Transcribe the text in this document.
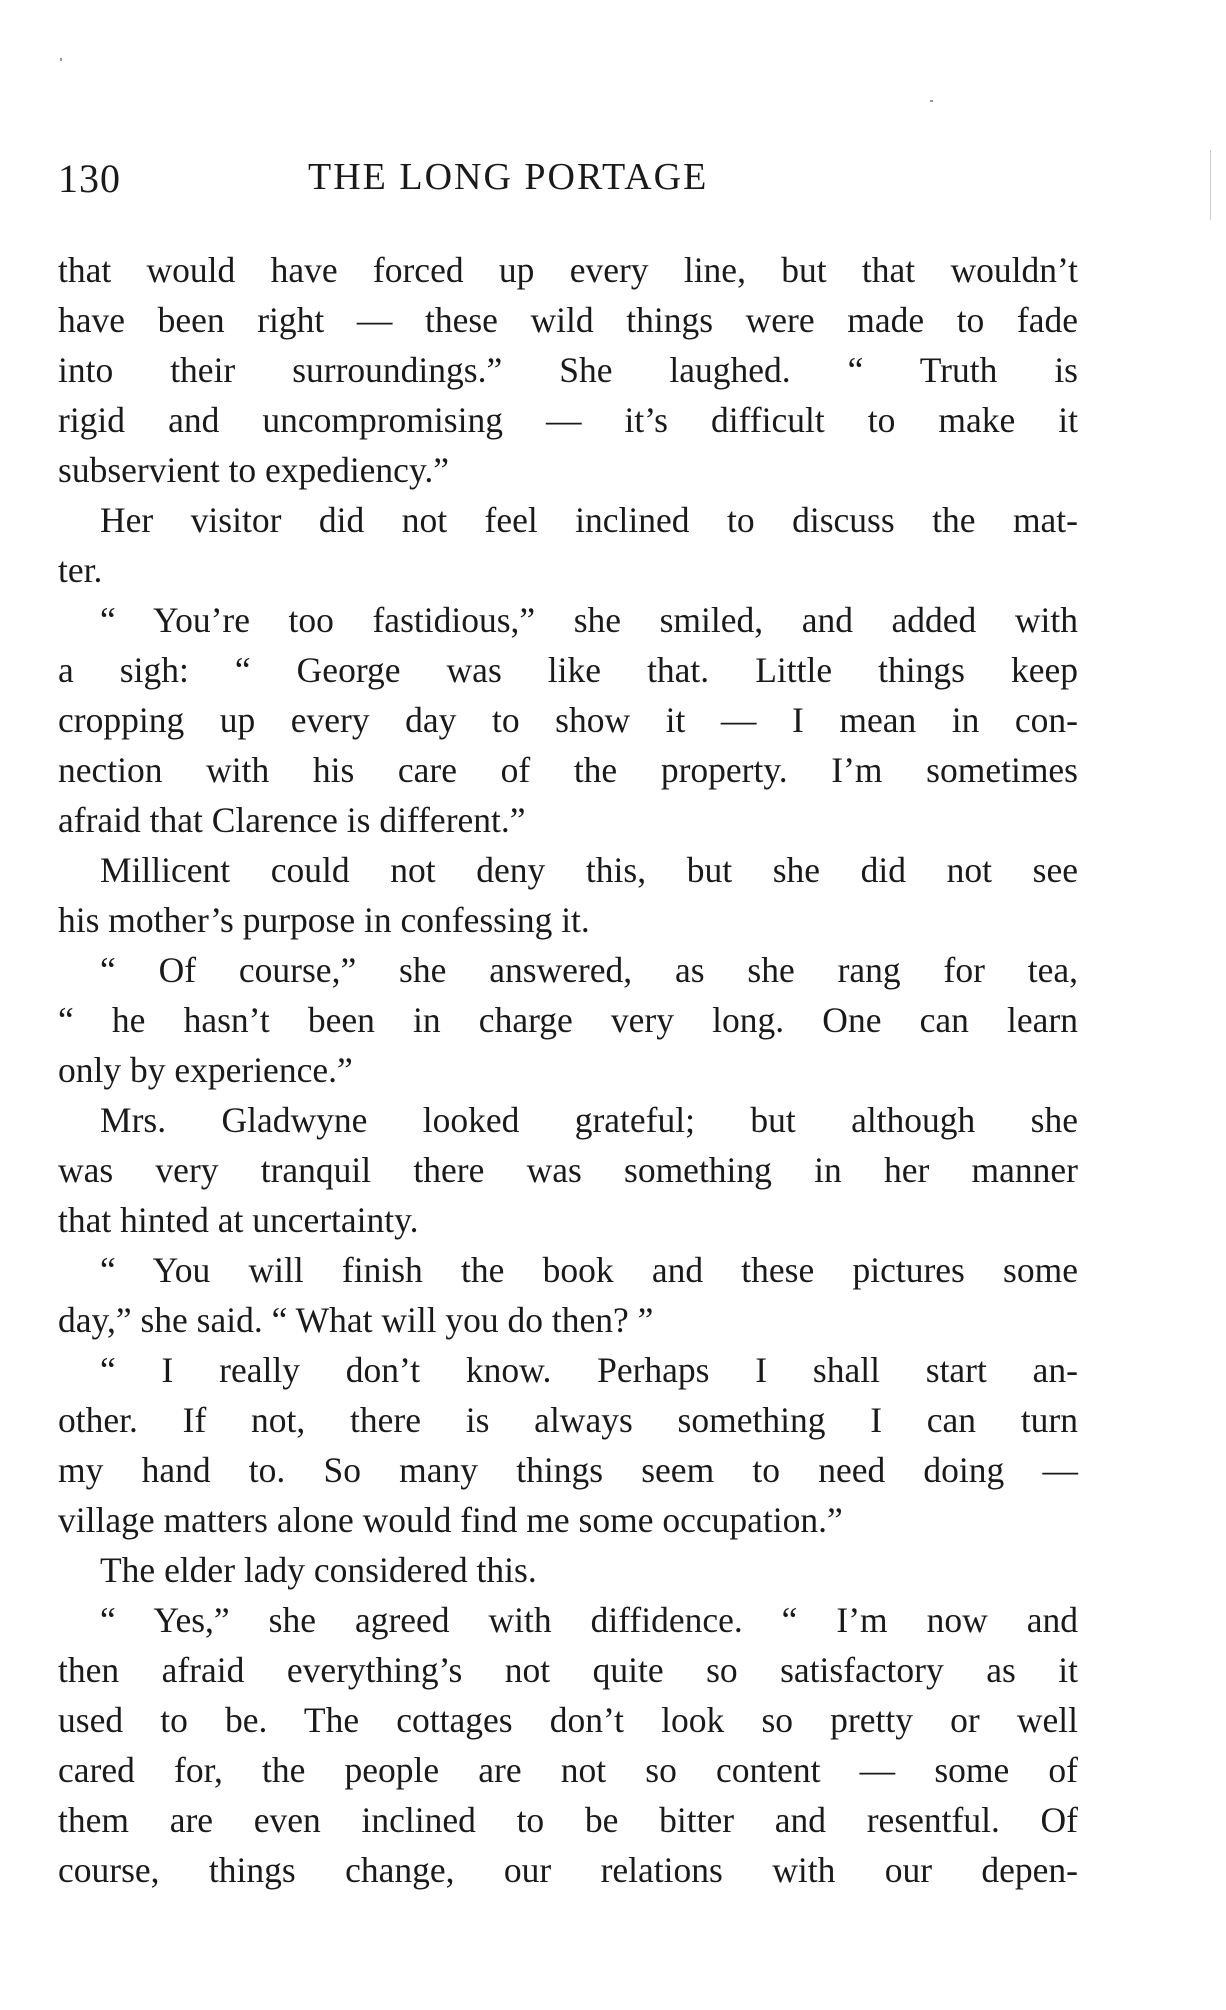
130	THE LONG PORTAGE
that would have forced up every line, but that wouldn’t
have been right — these wild things were made to fade
into their surroundings.” She laughed. “ Truth is
rigid and uncompromising — it’s difficult to make it
subservient to expediency.”
Her visitor did not feel inclined to discuss the mat-
ter.
“ You’re too fastidious,” she smiled, and added with
a sigh: “ George was like that. Little things keep
cropping up every day to show it — I mean in con-
nection with his care of the property. I’m sometimes
afraid that Clarence is different.”
Millicent could not deny this, but she did not see
his mother’s purpose in confessing it.
“ Of course,” she answered, as she rang for tea,
“ he hasn’t been in charge very long. One can learn
only by experience.”
Mrs. Gladwyne looked grateful; but although she
was very tranquil there was something in her manner
that hinted at uncertainty.
“ You will finish the book and these pictures some
day,” she said. “ What will you do then? ”
“ I really don’t know. Perhaps I shall start an-
other. If not, there is always something I can turn
my hand to. So many things seem to need doing —
village matters alone would find me some occupation.”
The elder lady considered this.
“ Yes,” she agreed with diffidence. “ I’m now and
then afraid everything’s not quite so satisfactory as it
used to be. The cottages don’t look so pretty or well
cared for, the people are not so content — some of
them are even inclined to be bitter and resentful. Of
course, things change, our relations with our depen-
